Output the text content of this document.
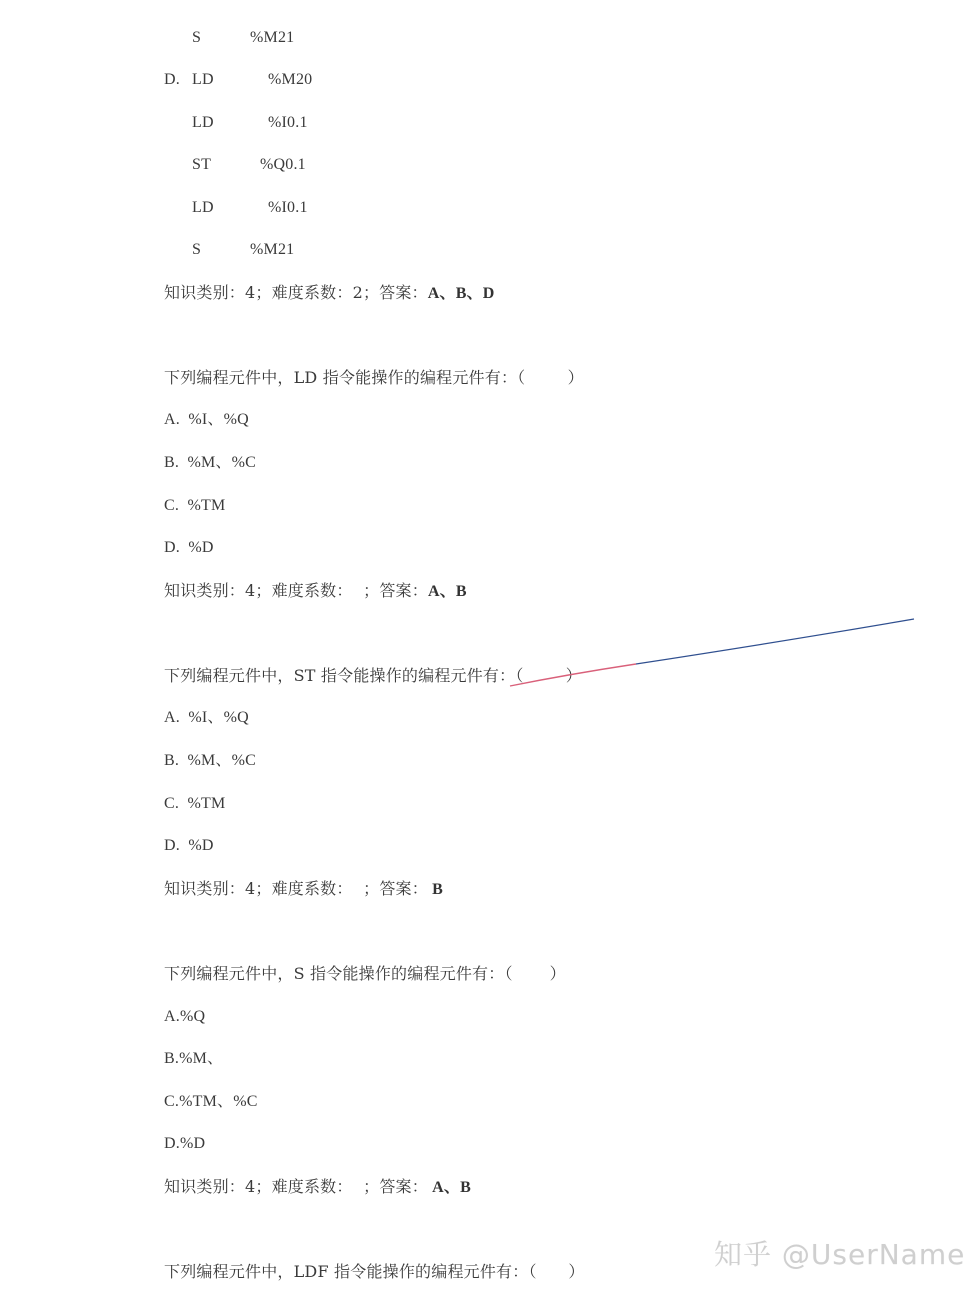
S	%M21
D. LD	%M20
LD	%I0.1
ST	%Q0.1
LD	%I0.1
S	%M21
知识类别：4；难度系数：2；答案：A、B、D
下列编程元件中，LD 指令能操作的编程元件有：（        ）
A.  %I、%Q
B.  %M、%C
C.  %TM
D.  %D
知识类别：4；难度系数：  ；答案：A、B
下列编程元件中，ST 指令能操作的编程元件有：（        ）
A.  %I、%Q
B.  %M、%C
C.  %TM
D.  %D
知识类别：4；难度系数：  ；答案： B
下列编程元件中，S 指令能操作的编程元件有：（       ）
A.%Q
B.%M、
C.%TM、%C
D.%D
知识类别：4；难度系数：  ；答案： A、B
下列编程元件中，LDF 指令能操作的编程元件有：（      ）
知乎 @UserName
